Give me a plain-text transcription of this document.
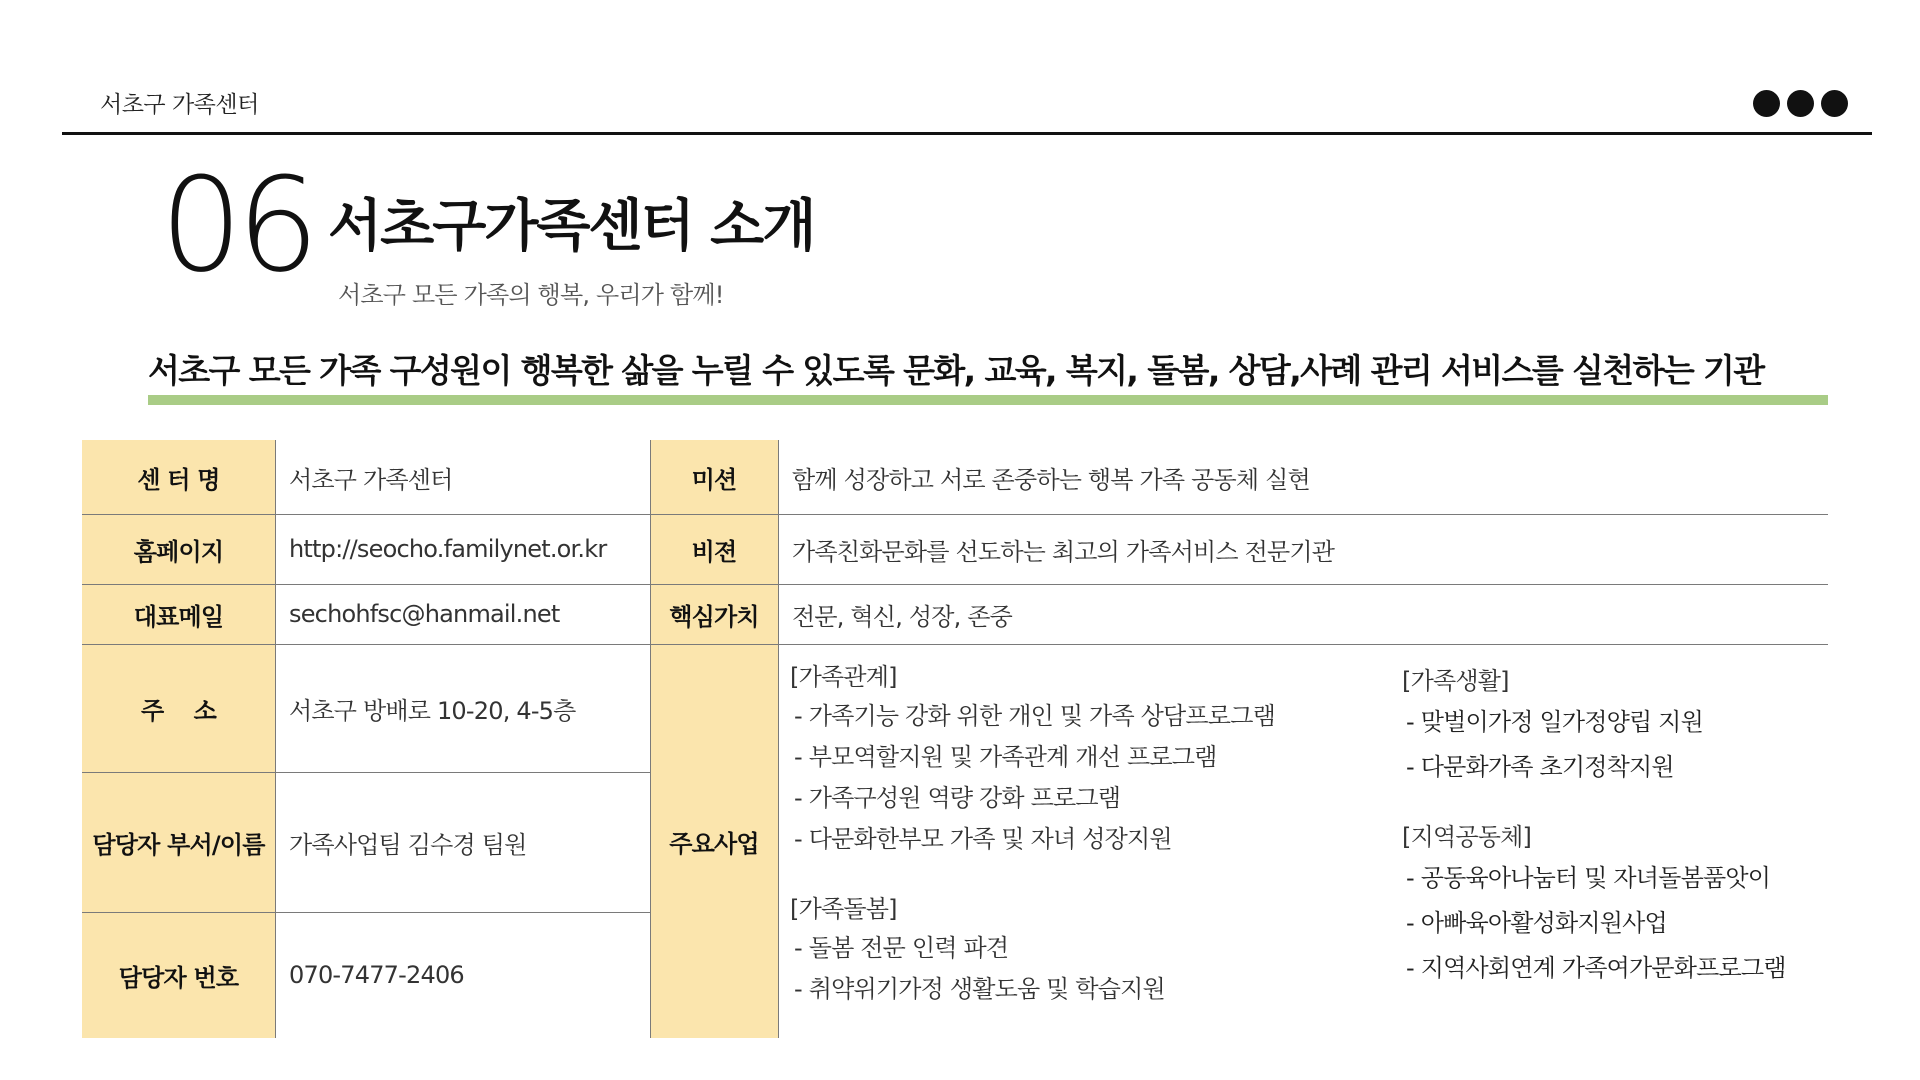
서초구 가족센터
06 서초구가족센터 소개
서초구 모든 가족의 행복, 우리가 함께!
서초구 모든 가족 구성원이 행복한 삶을 누릴 수 있도록 문화, 교육, 복지, 돌봄, 상담,사례 관리 서비스를 실천하는 기관
센 터 명
홈페이지
대표메일
주    소
담당자 부서/이름
담당자 번호
서초구 가족센터
http://seocho.familynet.or.kr
sechohfsc@hanmail.net
서초구 방배로 10-20, 4-5층
가족사업팀 김수경 팀원
070-7477-2406
미션
비젼
핵심가치
주요사업
함께 성장하고 서로 존중하는 행복 가족 공동체 실현
가족친화문화를 선도하는 최고의 가족서비스 전문기관
전문, 혁신, 성장, 존중
[가족관계]
- 가족기능 강화 위한 개인 및 가족 상담프로그램
- 부모역할지원 및 가족관계 개선 프로그램
- 가족구성원 역량 강화 프로그램
- 다문화한부모 가족 및 자녀 성장지원
[가족돌봄]
- 돌봄 전문 인력 파견
- 취약위기가정 생활도움 및 학습지원
[가족생활]
- 맞벌이가정 일가정양립 지원
- 다문화가족 초기정착지원
[지역공동체]
- 공동육아나눔터 및 자녀돌봄품앗이
- 아빠육아활성화지원사업
- 지역사회연계 가족여가문화프로그램
